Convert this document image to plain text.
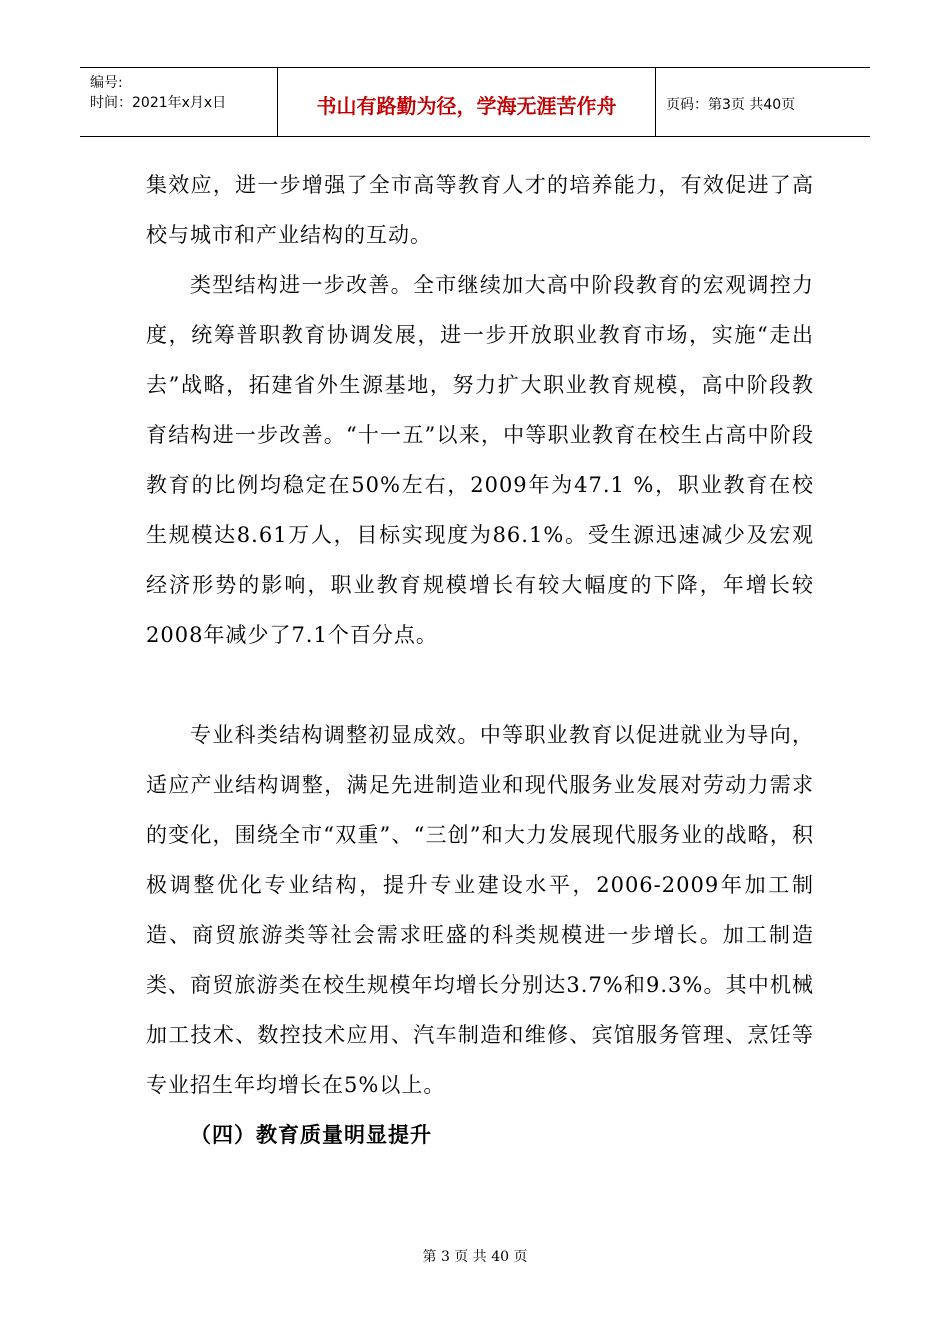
编号:
时间：2021年x月x日	书山有路勤为径，学海无涯苦作舟	页码：第3页 共40页

集效应，进一步增强了全市高等教育人才的培养能力，有效促进了高校与城市和产业结构的互动。

类型结构进一步改善。全市继续加大高中阶段教育的宏观调控力度，统筹普职教育协调发展，进一步开放职业教育市场，实施“走出去”战略，拓建省外生源基地，努力扩大职业教育规模，高中阶段教育结构进一步改善。“十一五”以来，中等职业教育在校生占高中阶段教育的比例均稳定在50%左右，2009年为47.1 %，职业教育在校生规模达8.61万人，目标实现度为86.1%。受生源迅速减少及宏观经济形势的影响，职业教育规模增长有较大幅度的下降，年增长较2008年减少了7.1个百分点。

专业科类结构调整初显成效。中等职业教育以促进就业为导向，适应产业结构调整，满足先进制造业和现代服务业发展对劳动力需求的变化，围绕全市“双重”、“三创”和大力发展现代服务业的战略，积极调整优化专业结构，提升专业建设水平，2006-2009年加工制造、商贸旅游类等社会需求旺盛的科类规模进一步增长。加工制造类、商贸旅游类在校生规模年均增长分别达3.7%和9.3%。其中机械加工技术、数控技术应用、汽车制造和维修、宾馆服务管理、烹饪等专业招生年均增长在5%以上。

（四）教育质量明显提升

第 3 页 共 40 页
